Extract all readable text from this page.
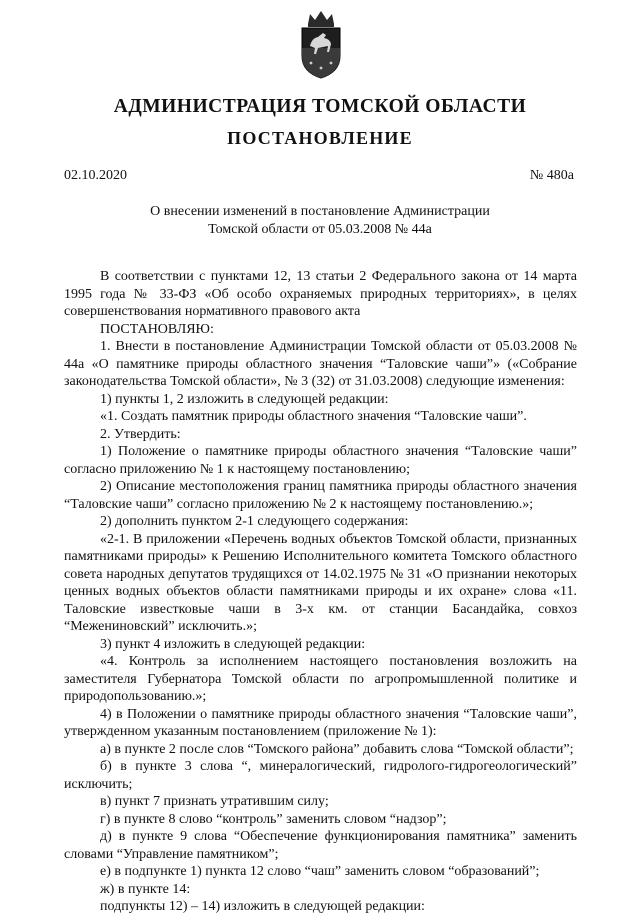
АДМИНИСТРАЦИЯ ТОМСКОЙ ОБЛАСТИ
ПОСТАНОВЛЕНИЕ
02.10.2020	№ 480а
О внесении изменений в постановление Администрации
Томской области от 05.03.2008 № 44а

В соответствии с пунктами 12, 13 статьи 2 Федерального закона от 14 марта 1995 года № 33-ФЗ «Об особо охраняемых природных территориях», в целях совершенствования нормативного правового акта

ПОСТАНОВЛЯЮ:

1. Внести в постановление Администрации Томской области от 05.03.2008 № 44а «О памятнике природы областного значения “Таловские чаши”» («Собрание законодательства Томской области», № 3 (32) от 31.03.2008) следующие изменения:

1) пункты 1, 2 изложить в следующей редакции:

«1. Создать памятник природы областного значения “Таловские чаши”.

2. Утвердить:

1) Положение о памятнике природы областного значения “Таловские чаши” согласно приложению № 1 к настоящему постановлению;

2) Описание местоположения границ памятника природы областного значения “Таловские чаши” согласно приложению № 2 к настоящему постановлению.»;

2) дополнить пунктом 2-1 следующего содержания:

«2-1. В приложении «Перечень водных объектов Томской области, признанных памятниками природы» к Решению Исполнительного комитета Томского областного совета народных депутатов трудящихся от 14.02.1975 № 31 «О признании некоторых ценных водных объектов области памятниками природы и их охране» слова «11. Таловские известковые чаши в 3-х км. от станции Басандайка, совхоз “Межениновский” исключить.»;

3) пункт 4 изложить в следующей редакции:

«4. Контроль за исполнением настоящего постановления возложить на заместителя Губернатора Томской области по агропромышленной политике и природопользованию.»;

4) в Положении о памятнике природы областного значения “Таловские чаши”, утвержденном указанным постановлением (приложение № 1):

а) в пункте 2 после слов “Томского района” добавить слова “Томской области”;

б) в пункте 3 слова “, минералогический, гидролого-гидрогеологический” исключить;

в) пункт 7 признать утратившим силу;

г) в пункте 8 слово “контроль” заменить словом “надзор”;

д) в пункте 9 слова “Обеспечение функционирования памятника” заменить словами “Управление памятником”;

е) в подпункте 1) пункта 12 слово “чаш” заменить словом “образований”;

ж) в пункте 14:

подпункты 12) – 14) изложить в следующей редакции:
